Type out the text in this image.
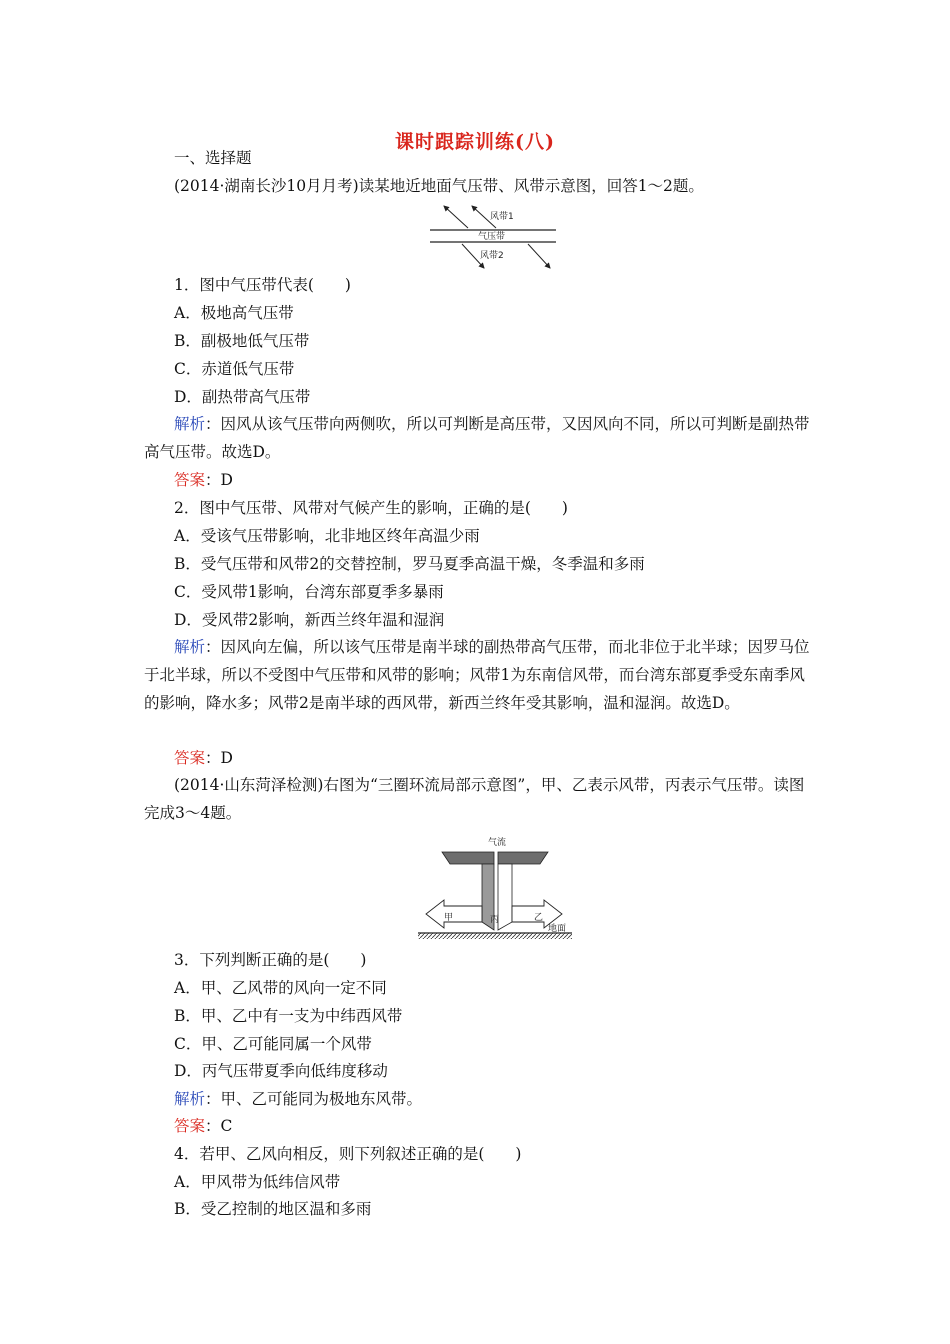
课时跟踪训练(八)
一、选择题
(2014·湖南长沙10月月考)读某地近地面气压带、风带示意图，回答1～2题。
风带1
气压带
风带2
1．图中气压带代表(　　)
A．极地高气压带
B．副极地低气压带
C．赤道低气压带
D．副热带高气压带
解析：因风从该气压带向两侧吹，所以可判断是高压带，又因风向不同，所以可判断是副热带高气压带。故选D。
答案：D
2．图中气压带、风带对气候产生的影响，正确的是(　　)
A．受该气压带影响，北非地区终年高温少雨
B．受气压带和风带2的交替控制，罗马夏季高温干燥，冬季温和多雨
C．受风带1影响，台湾东部夏季多暴雨
D．受风带2影响，新西兰终年温和湿润
解析：因风向左偏，所以该气压带是南半球的副热带高气压带，而北非位于北半球；因罗马位于北半球，所以不受图中气压带和风带的影响；风带1为东南信风带，而台湾东部夏季受东南季风的影响，降水多；风带2是南半球的西风带，新西兰终年受其影响，温和湿润。故选D。
答案：D
(2014·山东菏泽检测)右图为“三圈环流局部示意图”，甲、乙表示风带，丙表示气压带。读图完成3～4题。
气流
甲	丙	乙
地面
3．下列判断正确的是(　　)
A．甲、乙风带的风向一定不同
B．甲、乙中有一支为中纬西风带
C．甲、乙可能同属一个风带
D．丙气压带夏季向低纬度移动
解析：甲、乙可能同为极地东风带。
答案：C
4．若甲、乙风向相反，则下列叙述正确的是(　　)
A．甲风带为低纬信风带
B．受乙控制的地区温和多雨
